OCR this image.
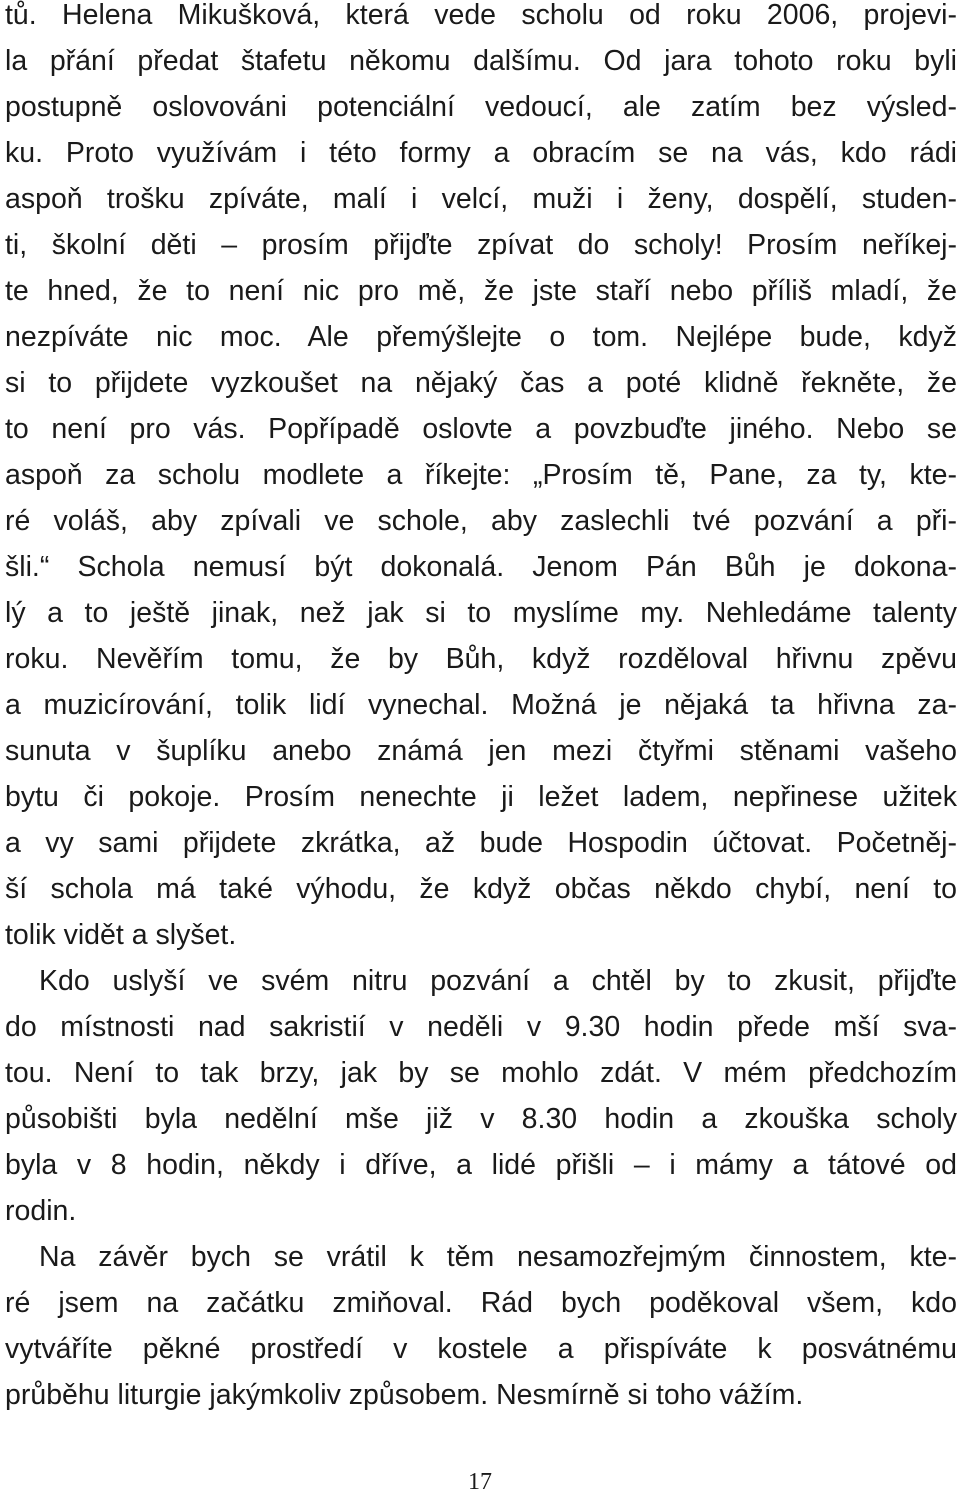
tů. Helena Mikušková, která vede scholu od roku 2006, projevi-
la přání předat štafetu někomu dalšímu. Od jara tohoto roku byli
postupně oslovováni potenciální vedoucí, ale zatím bez výsled-
ku. Proto využívám i této formy a obracím se na vás, kdo rádi
aspoň trošku zpíváte, malí i velcí, muži i ženy, dospělí, studen-
ti, školní děti – prosím přijďte zpívat do scholy! Prosím neříkej-
te hned, že to není nic pro mě, že jste staří nebo příliš mladí, že
nezpíváte nic moc. Ale přemýšlejte o tom. Nejlépe bude, když
si to přijdete vyzkoušet na nějaký čas a poté klidně řekněte, že
to není pro vás. Popřípadě oslovte a povzbuďte jiného. Nebo se
aspoň za scholu modlete a říkejte: „Prosím tě, Pane, za ty, kte-
ré voláš, aby zpívali ve schole, aby zaslechli tvé pozvání a při-
šli.“ Schola nemusí být dokonalá. Jenom Pán Bůh je dokona-
lý a to ještě jinak, než jak si to myslíme my. Nehledáme talenty
roku. Nevěřím tomu, že by Bůh, když rozděloval hřivnu zpěvu
a muzicírování, tolik lidí vynechal. Možná je nějaká ta hřivna za-
sunuta v šuplíku anebo známá jen mezi čtyřmi stěnami vašeho
bytu či pokoje. Prosím nenechte ji ležet ladem, nepřinese užitek
a vy sami přijdete zkrátka, až bude Hospodin účtovat. Početněj-
ší schola má také výhodu, že když občas někdo chybí, není to
tolik vidět a slyšet.
Kdo uslyší ve svém nitru pozvání a chtěl by to zkusit, přijďte
do místnosti nad sakristií v neděli v 9.30 hodin přede mší sva-
tou. Není to tak brzy, jak by se mohlo zdát. V mém předchozím
působišti byla nedělní mše již v 8.30 hodin a zkouška scholy
byla v 8 hodin, někdy i dříve, a lidé přišli – i mámy a tátové od
rodin.
Na závěr bych se vrátil k těm nesamozřejmým činnostem, kte-
ré jsem na začátku zmiňoval. Rád bych poděkoval všem, kdo
vytváříte pěkné prostředí v kostele a přispíváte k posvátnému
průběhu liturgie jakýmkoliv způsobem. Nesmírně si toho vážím.
17
